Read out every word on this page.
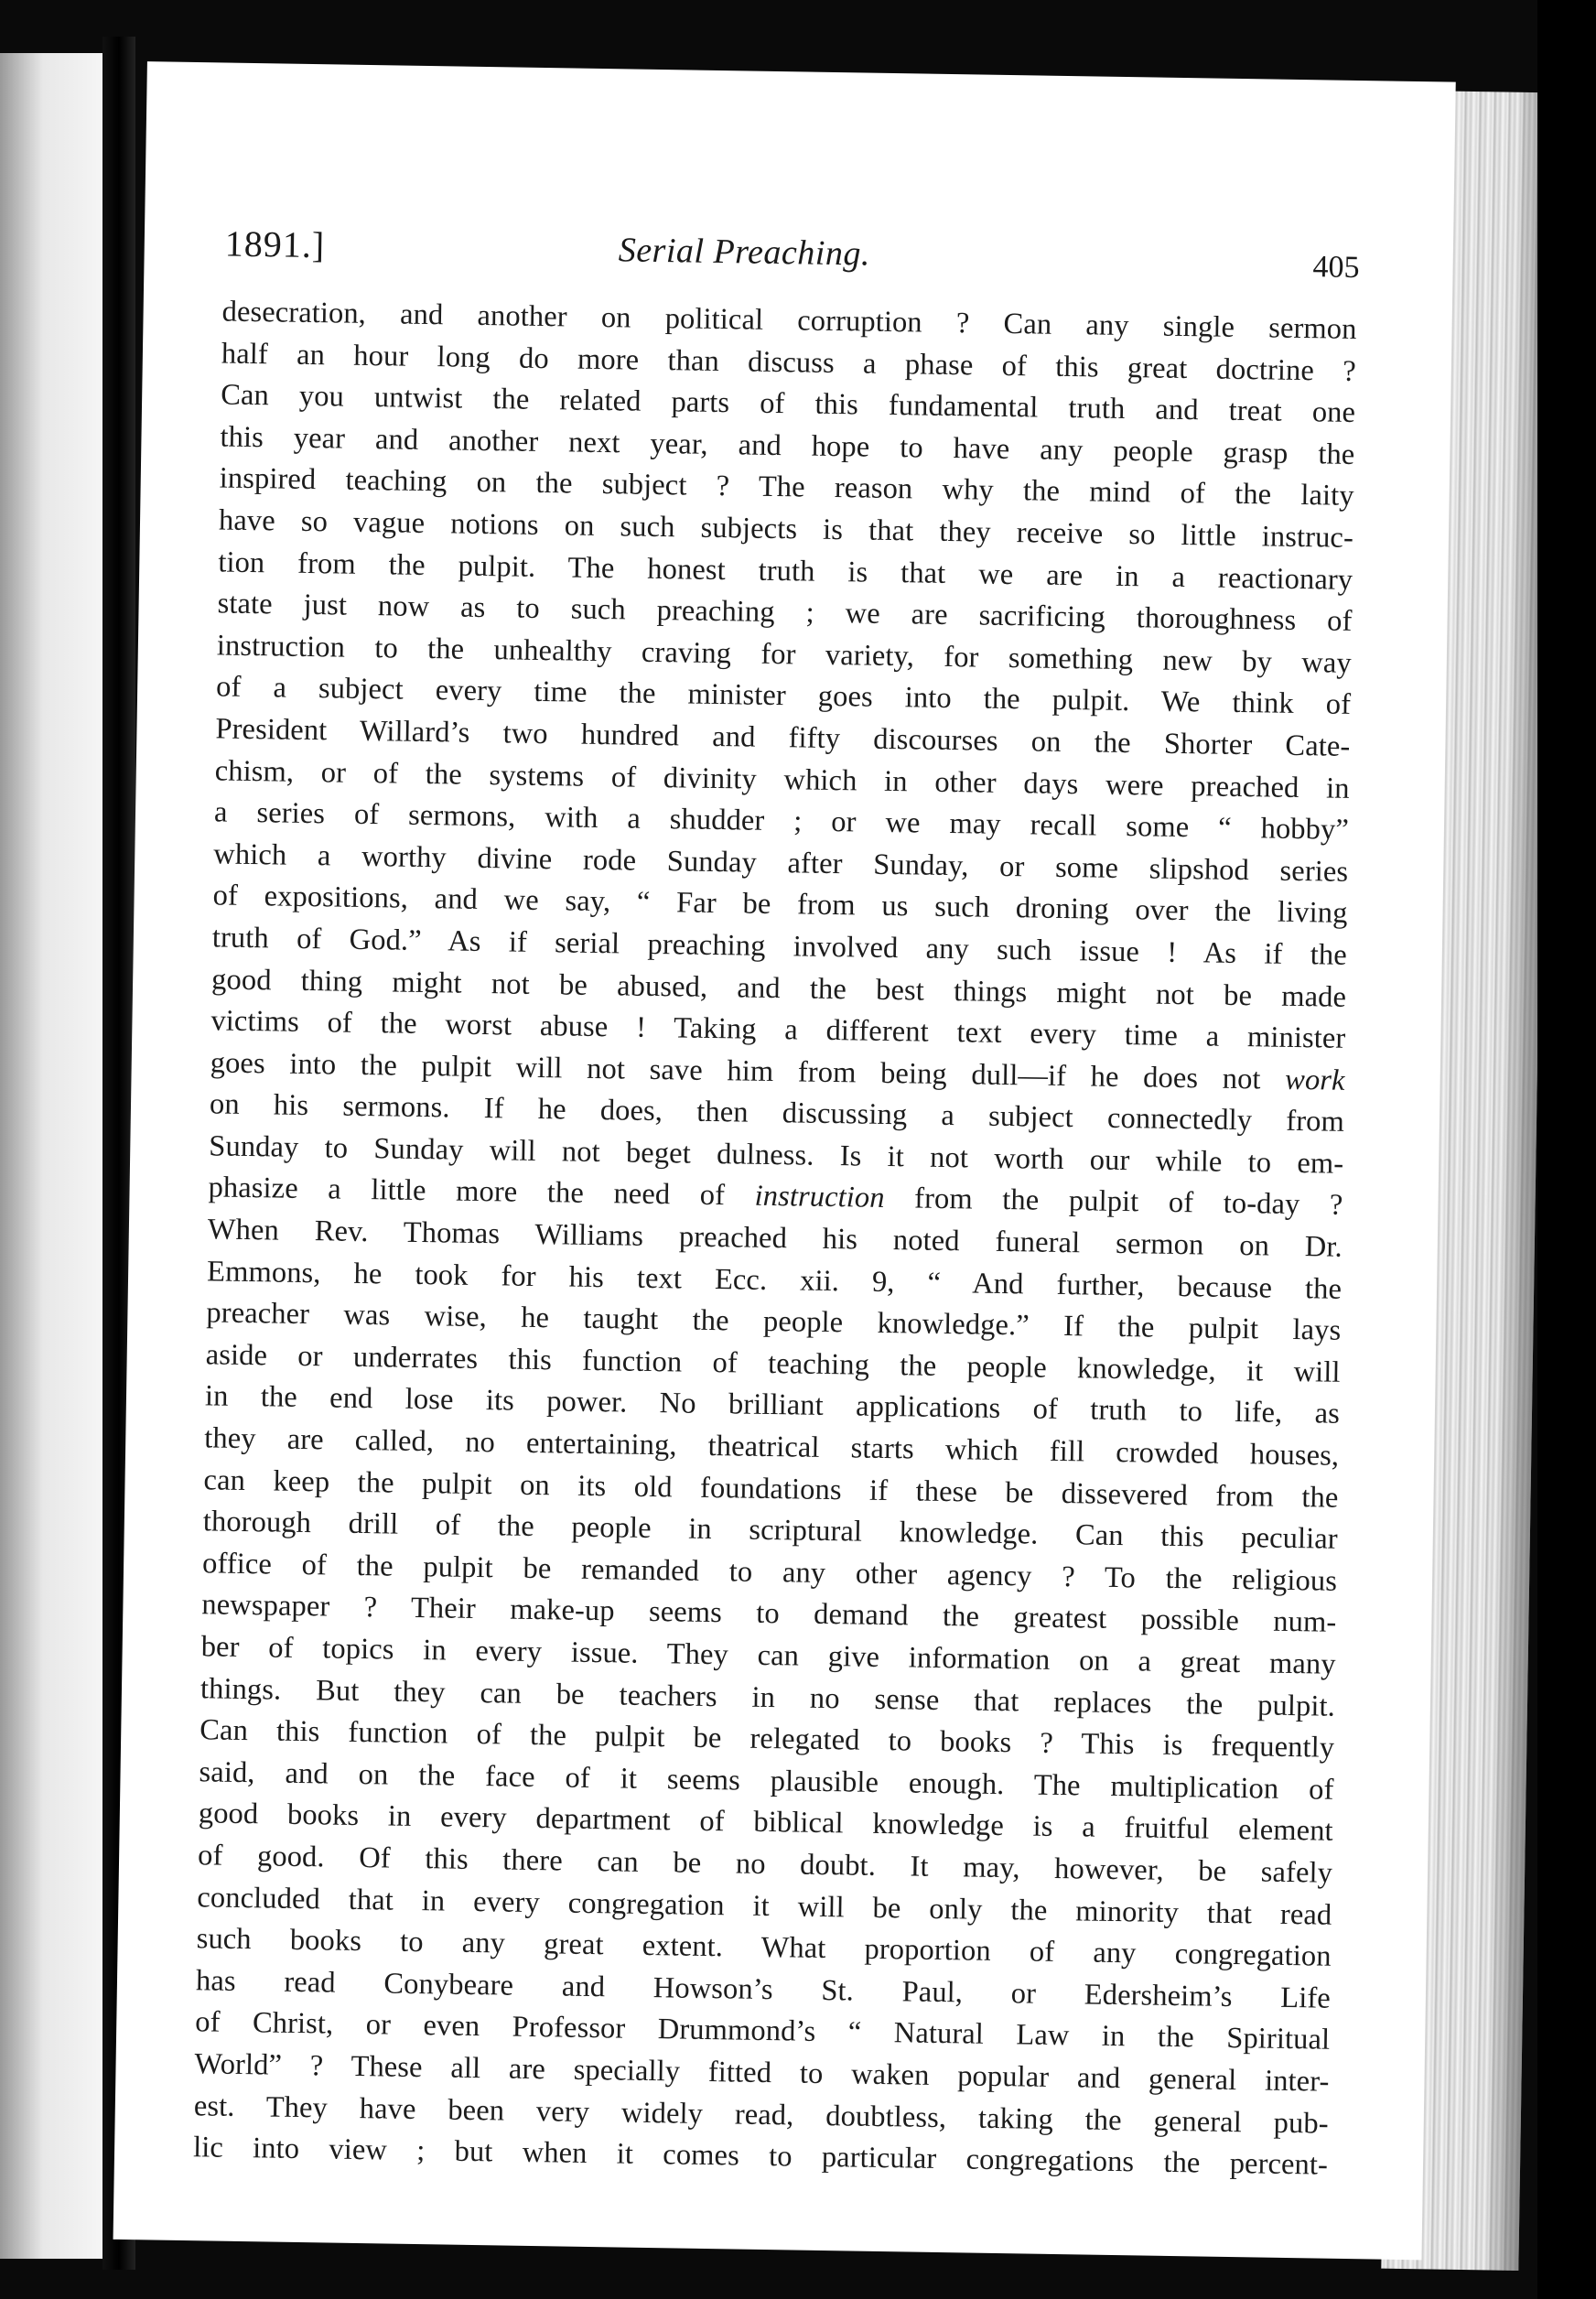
1891.]	Serial Preaching.	405
desecration, and another on political corruption ? Can any single sermon
half an hour long do more than discuss a phase of this great doctrine ?
Can you untwist the related parts of this fundamental truth and treat one
this year and another next year, and hope to have any people grasp the
inspired teaching on the subject ? The reason why the mind of the laity
have so vague notions on such subjects is that they receive so little instruc-
tion from the pulpit. The honest truth is that we are in a reactionary
state just now as to such preaching ; we are sacrificing thoroughness of
instruction to the unhealthy craving for variety, for something new by way
of a subject every time the minister goes into the pulpit. We think of
President Willard’s two hundred and fifty discourses on the Shorter Cate-
chism, or of the systems of divinity which in other days were preached in
a series of sermons, with a shudder ; or we may recall some “ hobby”
which a worthy divine rode Sunday after Sunday, or some slipshod series
of expositions, and we say, “ Far be from us such droning over the living
truth of God.” As if serial preaching involved any such issue ! As if the
good thing might not be abused, and the best things might not be made
victims of the worst abuse ! Taking a different text every time a minister
goes into the pulpit will not save him from being dull—if he does not work
on his sermons. If he does, then discussing a subject connectedly from
Sunday to Sunday will not beget dulness. Is it not worth our while to em-
phasize a little more the need of instruction from the pulpit of to-day ?
When Rev. Thomas Williams preached his noted funeral sermon on Dr.
Emmons, he took for his text Ecc. xii. 9, “ And further, because the
preacher was wise, he taught the people knowledge.” If the pulpit lays
aside or underrates this function of teaching the people knowledge, it will
in the end lose its power. No brilliant applications of truth to life, as
they are called, no entertaining, theatrical starts which fill crowded houses,
can keep the pulpit on its old foundations if these be dissevered from the
thorough drill of the people in scriptural knowledge. Can this peculiar
office of the pulpit be remanded to any other agency ? To the religious
newspaper ? Their make-up seems to demand the greatest possible num-
ber of topics in every issue. They can give information on a great many
things. But they can be teachers in no sense that replaces the pulpit.
Can this function of the pulpit be relegated to books ? This is frequently
said, and on the face of it seems plausible enough. The multiplication of
good books in every department of biblical knowledge is a fruitful element
of good. Of this there can be no doubt. It may, however, be safely
concluded that in every congregation it will be only the minority that read
such books to any great extent. What proportion of any congregation
has read Conybeare and Howson’s St. Paul, or Edersheim’s Life
of Christ, or even Professor Drummond’s “ Natural Law in the Spiritual
World” ? These all are specially fitted to waken popular and general inter-
est. They have been very widely read, doubtless, taking the general pub-
lic into view ; but when it comes to particular congregations the percent-
